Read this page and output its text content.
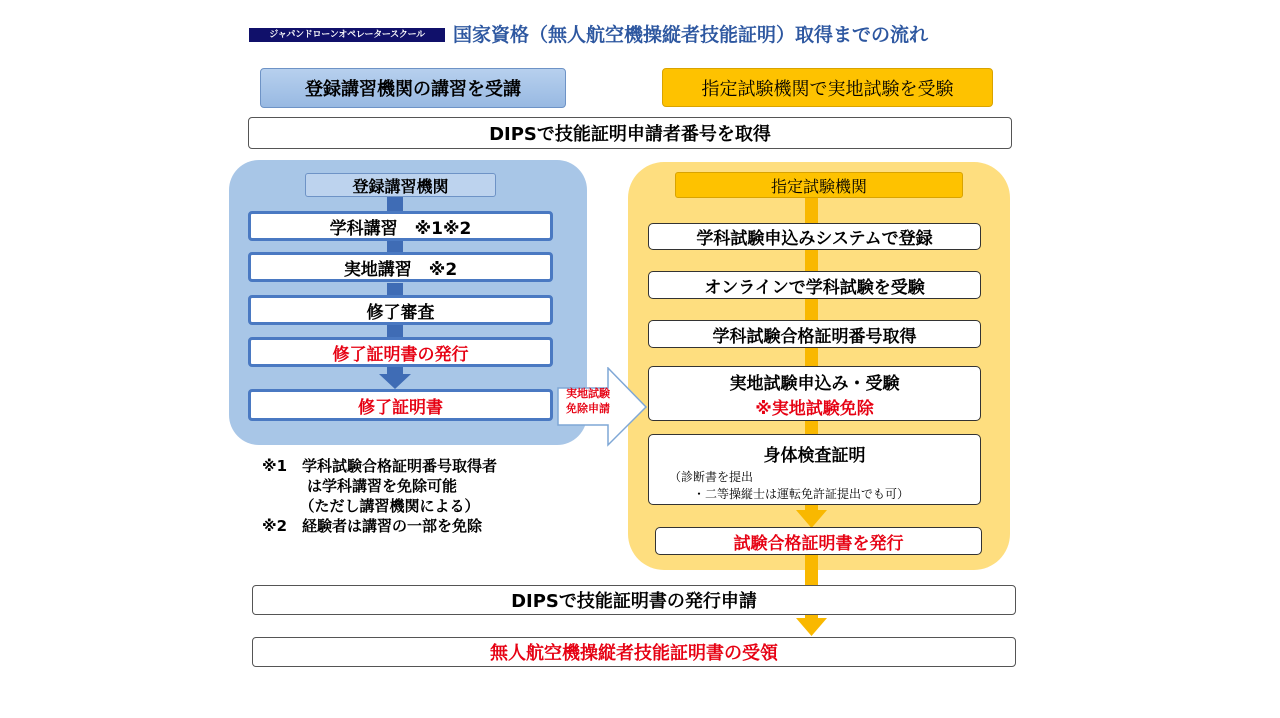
ジャパンドローンオペレータースクール 国家資格（無人航空機操縦者技能証明）取得までの流れ
登録講習機関の講習を受講	指定試験機関で実地試験を受験
DIPSで技能証明申請者番号を取得
登録講習機関	指定試験機関
学科講習　※1※2
実地講習　※2
修了審査
修了証明書の発行
修了証明書
実地試験
免除申請
学科試験申込みシステムで登録
オンラインで学科試験を受験
学科試験合格証明番号取得
実地試験申込み・受験
※実地試験免除
身体検査証明
（診断書を提出
・二等操縦士は運転免許証提出でも可）
試験合格証明書を発行
※1　学科試験合格証明番号取得者
　　　は学科講習を免除可能
　　　（ただし講習機関による）
※2　経験者は講習の一部を免除
DIPSで技能証明書の発行申請
無人航空機操縦者技能証明書の受領
